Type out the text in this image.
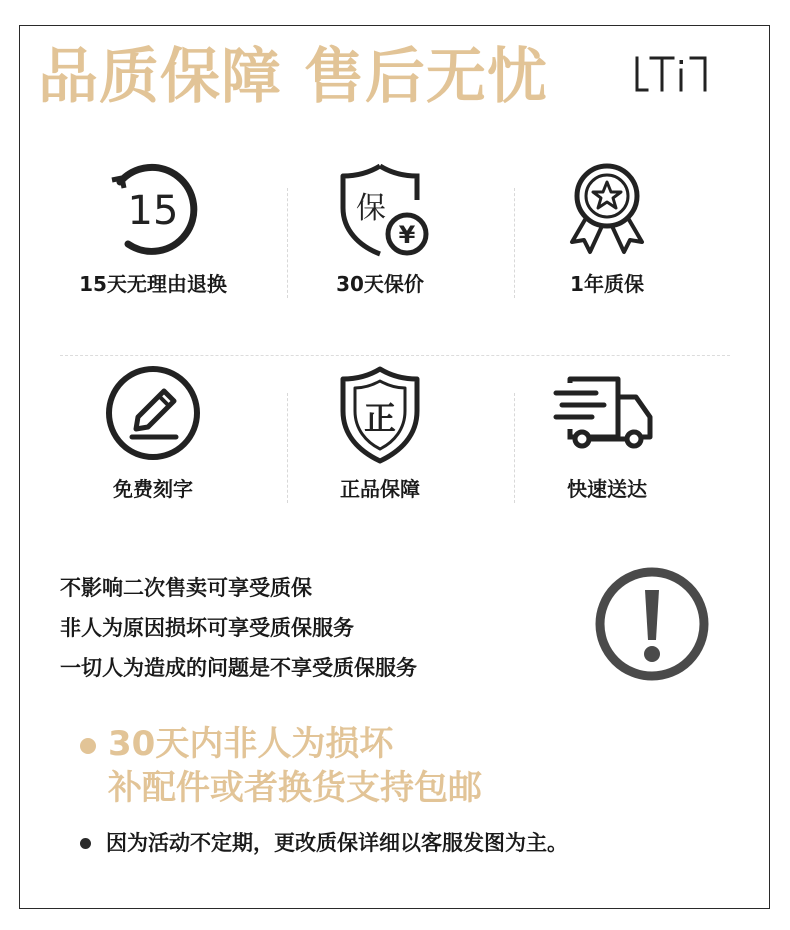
品质保障 售后无忧	LTi
15
15天无理由退换
保
¥
30天保价	1年质保
免费刻字
正
正品保障	快速送达
不影响二次售卖可享受质保
非人为原因损坏可享受质保服务
一切人为造成的问题是不享受质保服务
30天内非人为损坏
补配件或者换货支持包邮
因为活动不定期，更改质保详细以客服发图为主。
